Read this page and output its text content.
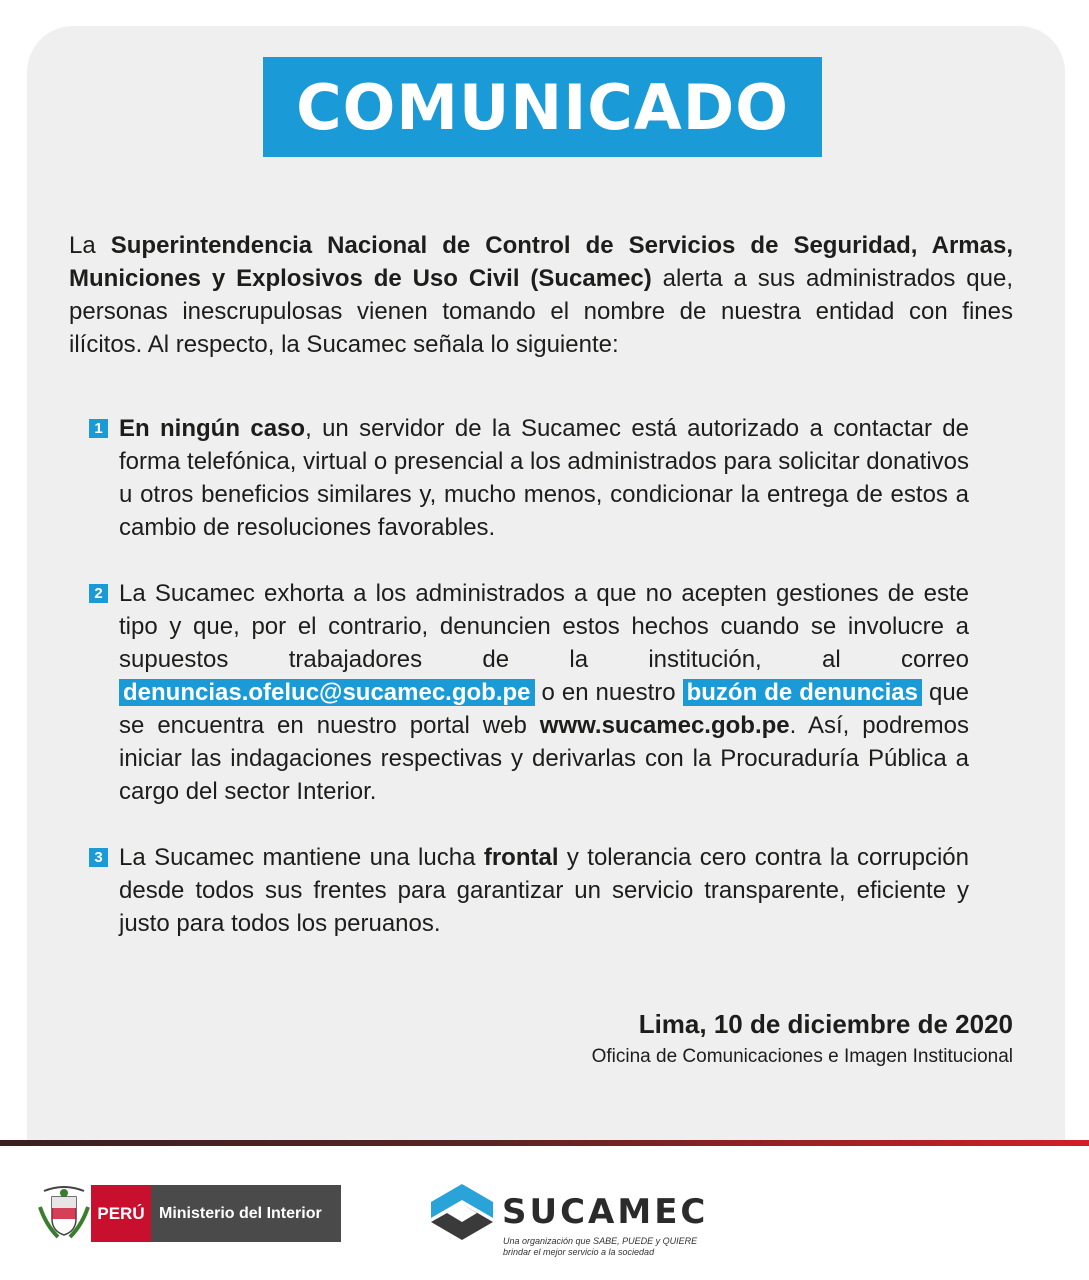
COMUNICADO
La Superintendencia Nacional de Control de Servicios de Seguridad, Armas, Municiones y Explosivos de Uso Civil (Sucamec) alerta a sus administrados que, personas inescrupulosas vienen tomando el nombre de nuestra entidad con fines ilícitos. Al respecto, la Sucamec señala lo siguiente:
1 En ningún caso, un servidor de la Sucamec está autorizado a contactar de forma telefónica, virtual o presencial a los administrados para solicitar donativos u otros beneficios similares y, mucho menos, condicionar la entrega de estos a cambio de resoluciones favorables.
2 La Sucamec exhorta a los administrados a que no acepten gestiones de este tipo y que, por el contrario, denuncien estos hechos cuando se involucre a supuestos trabajadores de la institución, al correo denuncias.ofeluc@sucamec.gob.pe o en nuestro buzón de denuncias que se encuentra en nuestro portal web www.sucamec.gob.pe. Así, podremos iniciar las indagaciones respectivas y derivarlas con la Procuraduría Pública a cargo del sector Interior.
3 La Sucamec mantiene una lucha frontal y tolerancia cero contra la corrupción desde todos sus frentes para garantizar un servicio transparente, eficiente y justo para todos los peruanos.
Lima, 10 de diciembre de 2020
Oficina de Comunicaciones e Imagen Institucional
PERÚ Ministerio del Interior	SUCAMEC
Una organización que SABE, PUEDE y QUIERE
brindar el mejor servicio a la sociedad
